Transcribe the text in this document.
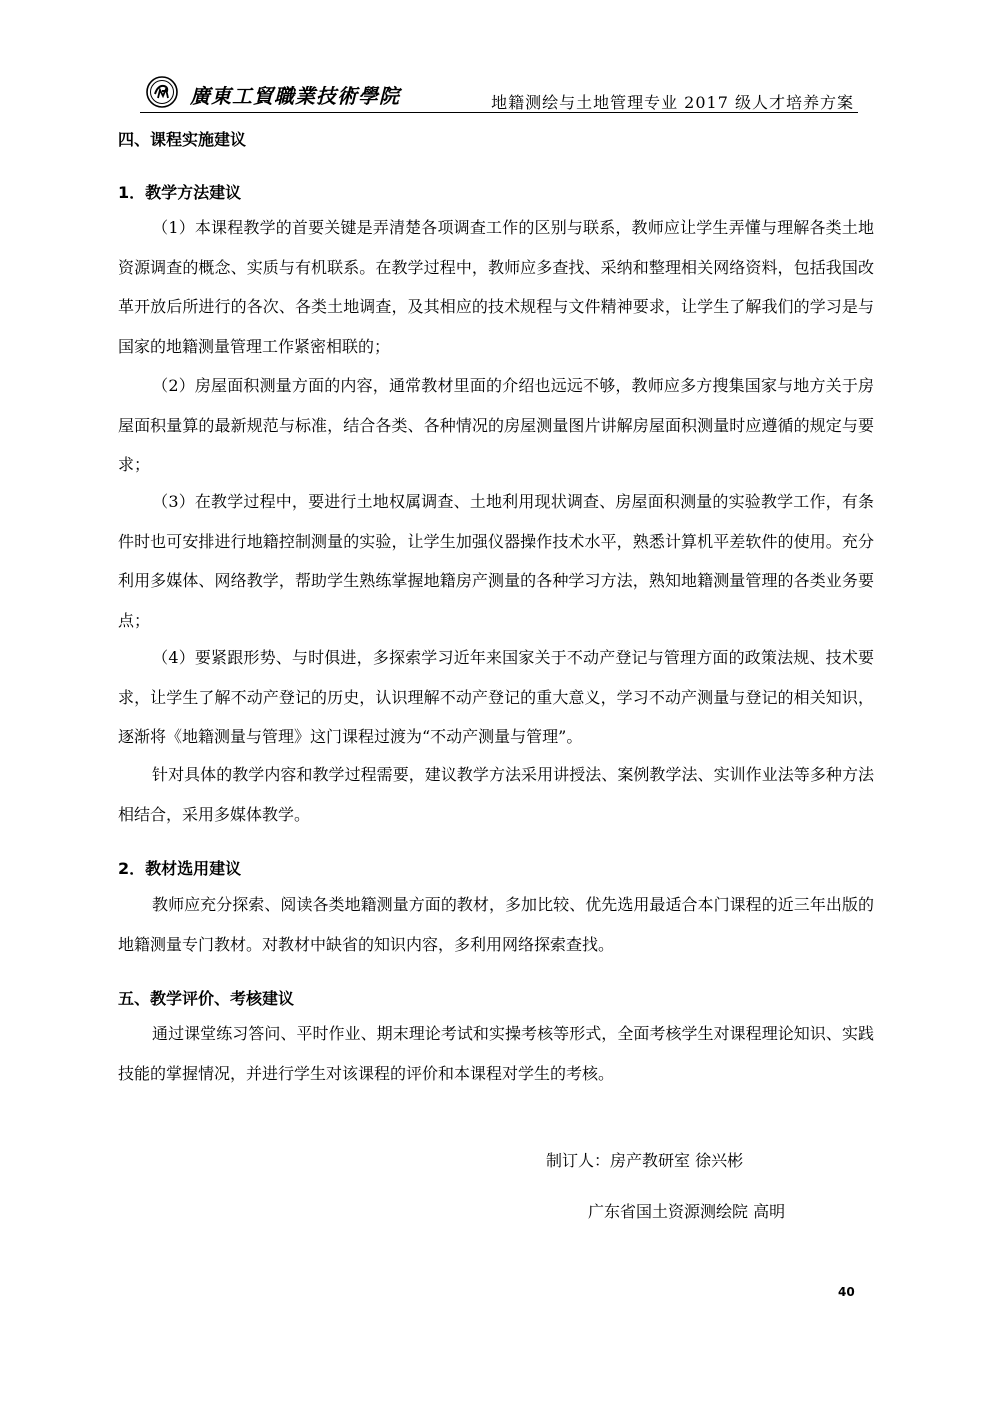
廣東工貿職業技術學院	地籍测绘与土地管理专业 2017 级人才培养方案
四、课程实施建议
1．教学方法建议
（1）本课程教学的首要关键是弄清楚各项调查工作的区别与联系，教师应让学生弄懂与理解各类土地资源调查的概念、实质与有机联系。在教学过程中，教师应多查找、采纳和整理相关网络资料，包括我国改革开放后所进行的各次、各类土地调查，及其相应的技术规程与文件精神要求，让学生了解我们的学习是与国家的地籍测量管理工作紧密相联的；
（2）房屋面积测量方面的内容，通常教材里面的介绍也远远不够，教师应多方搜集国家与地方关于房屋面积量算的最新规范与标准，结合各类、各种情况的房屋测量图片讲解房屋面积测量时应遵循的规定与要求；
（3）在教学过程中，要进行土地权属调查、土地利用现状调查、房屋面积测量的实验教学工作，有条件时也可安排进行地籍控制测量的实验，让学生加强仪器操作技术水平，熟悉计算机平差软件的使用。充分利用多媒体、网络教学，帮助学生熟练掌握地籍房产测量的各种学习方法，熟知地籍测量管理的各类业务要点；
（4）要紧跟形势、与时俱进，多探索学习近年来国家关于不动产登记与管理方面的政策法规、技术要求，让学生了解不动产登记的历史，认识理解不动产登记的重大意义，学习不动产测量与登记的相关知识，逐渐将《地籍测量与管理》这门课程过渡为“不动产测量与管理”。
针对具体的教学内容和教学过程需要，建议教学方法采用讲授法、案例教学法、实训作业法等多种方法相结合，采用多媒体教学。
2．教材选用建议
教师应充分探索、阅读各类地籍测量方面的教材，多加比较、优先选用最适合本门课程的近三年出版的地籍测量专门教材。对教材中缺省的知识内容，多利用网络探索查找。
五、教学评价、考核建议
通过课堂练习答问、平时作业、期末理论考试和实操考核等形式，全面考核学生对课程理论知识、实践技能的掌握情况，并进行学生对该课程的评价和本课程对学生的考核。
制订人：房产教研室 徐兴彬
广东省国土资源测绘院 高明
40
